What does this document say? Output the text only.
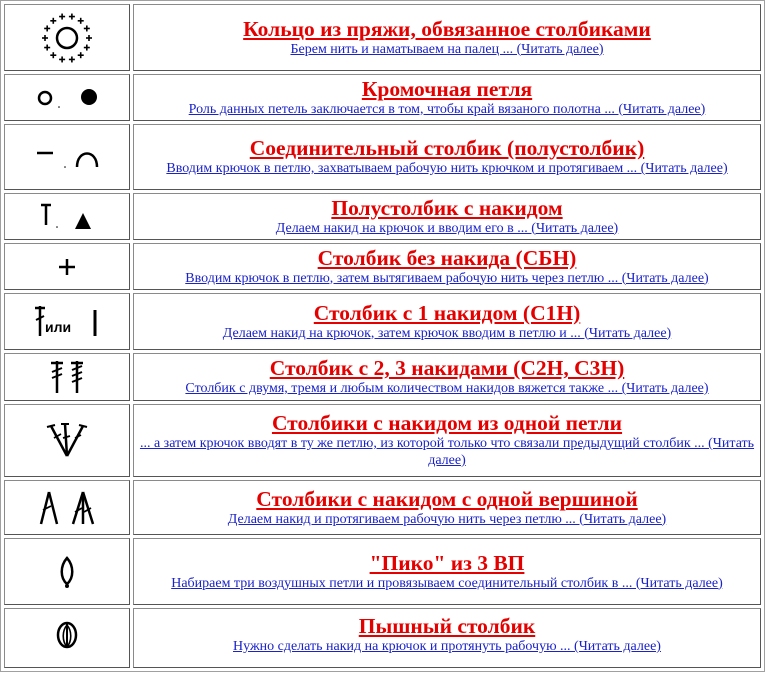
Кольцо из пряжи, обвязанное столбиками
Берем нить и наматываем на палец ... (Читать далее)

Кромочная петля
Роль данных петель заключается в том, чтобы край вязаного полотна ... (Читать далее)

Соединительный столбик (полустолбик)
Вводим крючок в петлю, захватываем рабочую нить крючком и протягиваем ... (Читать далее)

Полустолбик с накидом
Делаем накид на крючок и вводим его в ... (Читать далее)

Столбик без накида (СБН)
Вводим крючок в петлю, затем вытягиваем рабочую нить через петлю ... (Читать далее)

или	Столбик с 1 накидом (С1Н)
Делаем накид на крючок, затем крючок вводим в петлю и ... (Читать далее)

Столбик с 2, 3 накидами (С2Н, С3Н)
Столбик с двумя, тремя и любым количеством накидов вяжется также ... (Читать далее)

Столбики с накидом из одной петли
... а затем крючок вводят в ту же петлю, из которой только что связали предыдущий столбик ... (Читать далее)

Столбики с накидом с одной вершиной
Делаем накид и протягиваем рабочую нить через петлю ... (Читать далее)

"Пико" из 3 ВП
Набираем три воздушных петли и провязываем соединительный столбик в ... (Читать далее)

Пышный столбик
Нужно сделать накид на крючок и протянуть рабочую ... (Читать далее)
